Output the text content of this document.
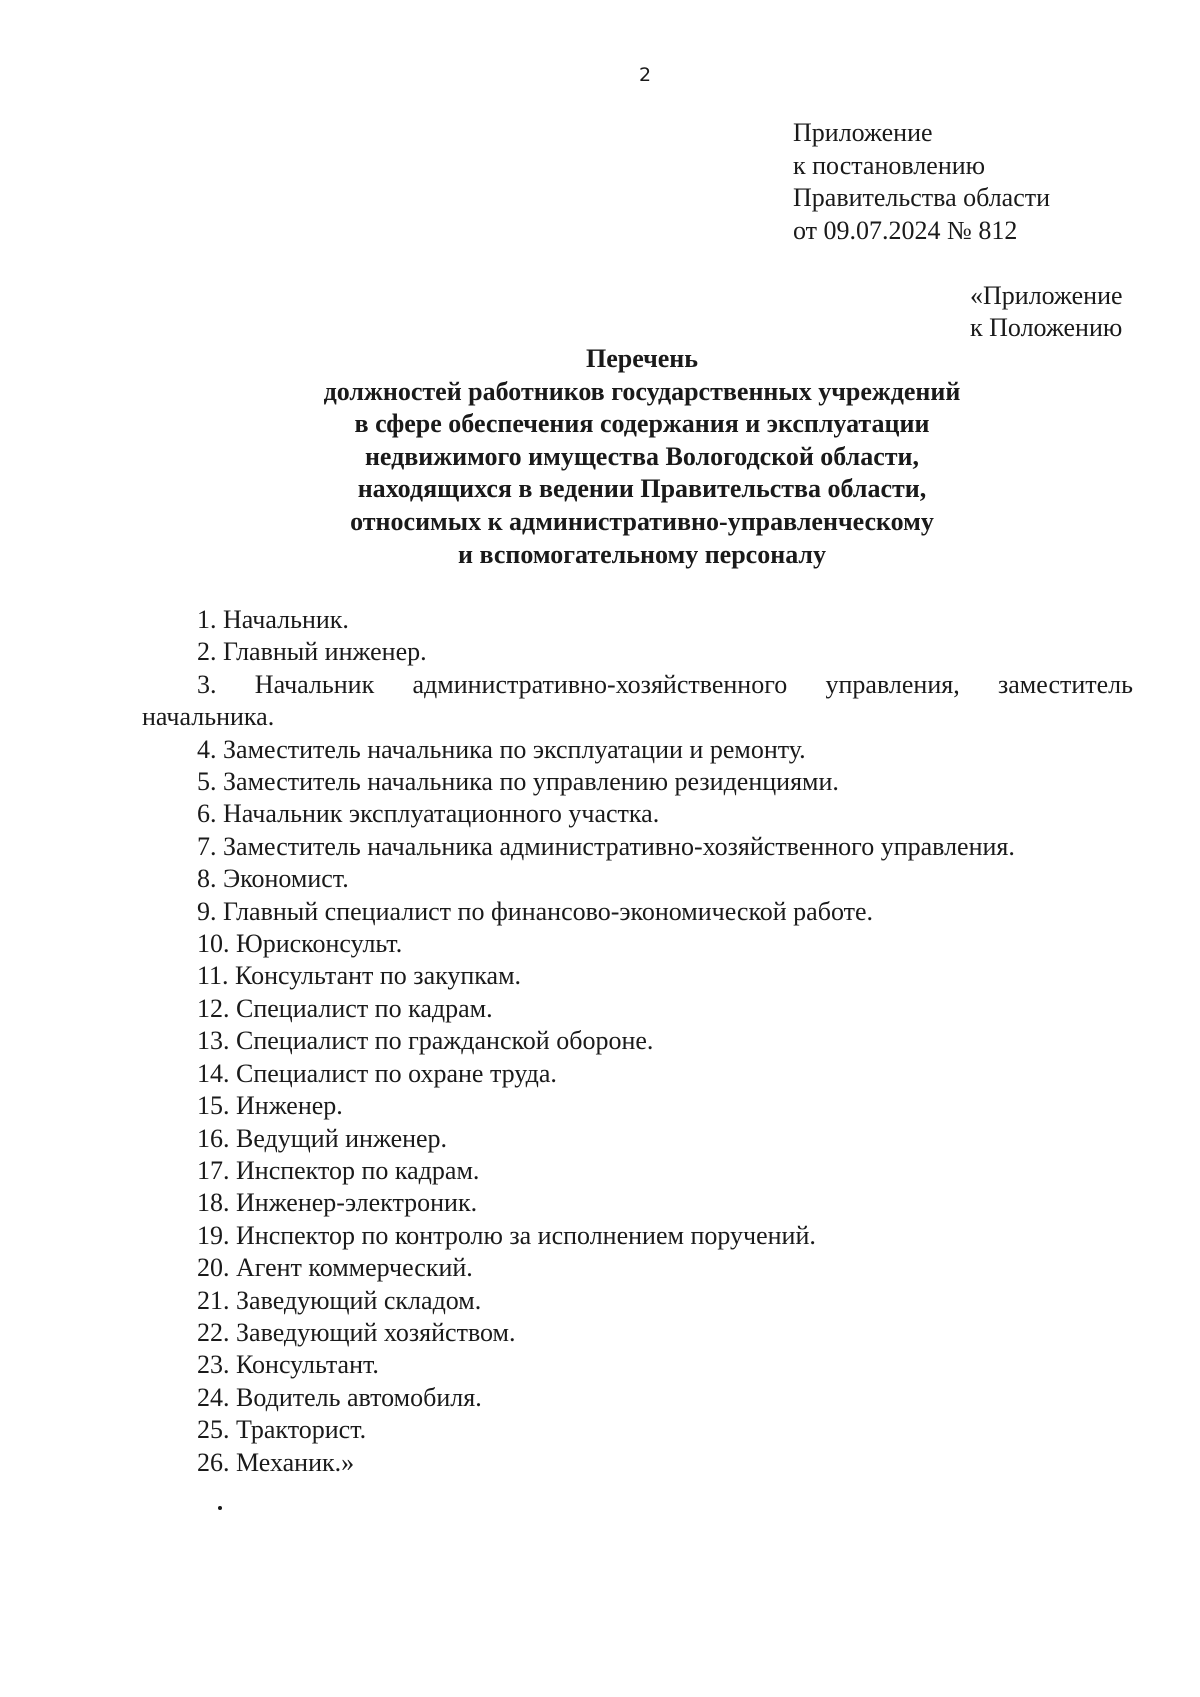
2
Приложение
к постановлению
Правительства области
от 09.07.2024 № 812
«Приложение
к Положению
Перечень
должностей работников государственных учреждений
в сфере обеспечения содержания и эксплуатации
недвижимого имущества Вологодской области,
находящихся в ведении Правительства области,
относимых к административно-управленческому
и вспомогательному персоналу
1. Начальник.
2. Главный инженер.
3. Начальник административно-хозяйственного управления, заместитель начальника.
4. Заместитель начальника по эксплуатации и ремонту.
5. Заместитель начальника по управлению резиденциями.
6. Начальник эксплуатационного участка.
7. Заместитель начальника административно-хозяйственного управления.
8. Экономист.
9. Главный специалист по финансово-экономической работе.
10. Юрисконсульт.
11. Консультант по закупкам.
12. Специалист по кадрам.
13. Специалист по гражданской обороне.
14. Специалист по охране труда.
15. Инженер.
16. Ведущий инженер.
17. Инспектор по кадрам.
18. Инженер-электроник.
19. Инспектор по контролю за исполнением поручений.
20. Агент коммерческий.
21. Заведующий складом.
22. Заведующий хозяйством.
23. Консультант.
24. Водитель автомобиля.
25. Тракторист.
26. Механик.»
